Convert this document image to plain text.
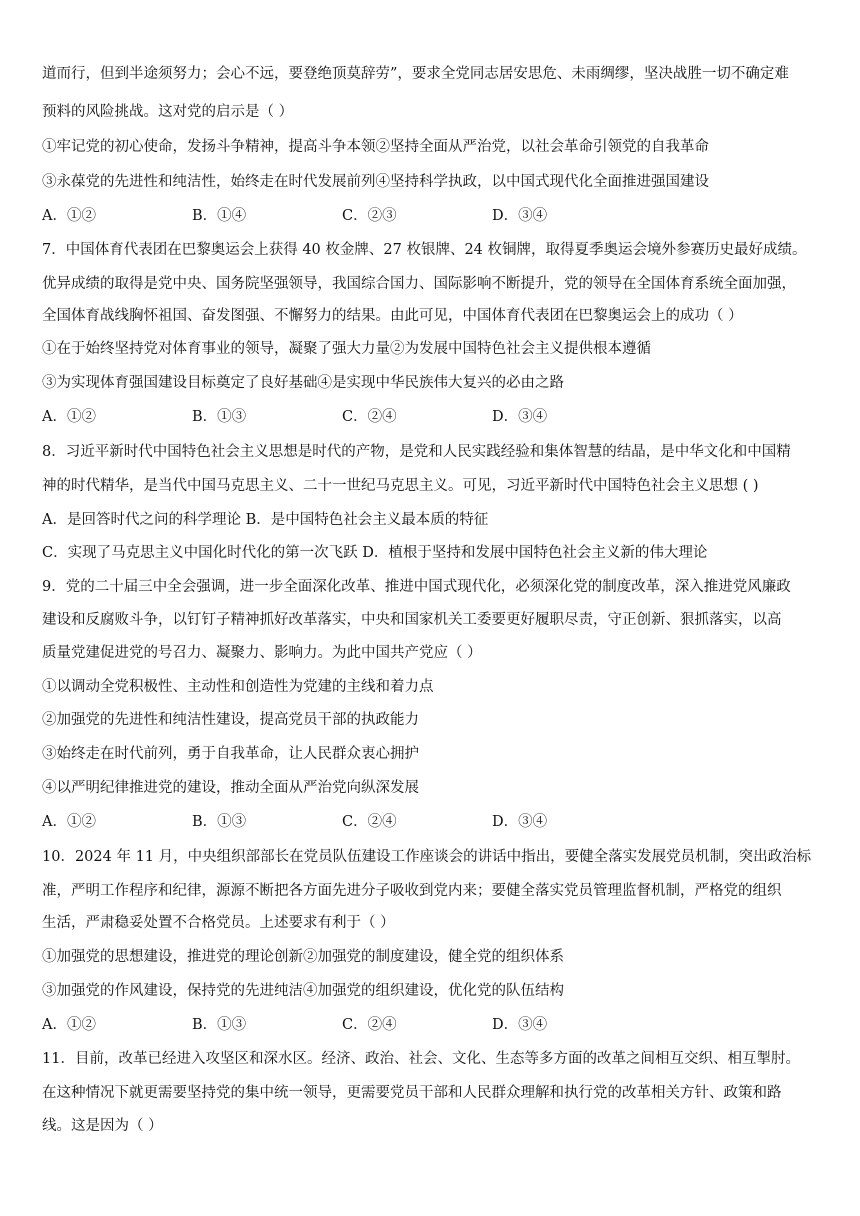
道而行，但到半途须努力；会心不远，要登绝顶莫辞劳”，要求全党同志居安思危、未雨绸缪，坚决战胜一切不确定难
预料的风险挑战。这对党的启示是（ ）
①牢记党的初心使命，发扬斗争精神，提高斗争本领②坚持全面从严治党，以社会革命引领党的自我革命
③永葆党的先进性和纯洁性，始终走在时代发展前列④坚持科学执政，以中国式现代化全面推进强国建设
A．①②	B．①④	C．②③	D．③④
7．中国体育代表团在巴黎奥运会上获得 40 枚金牌、27 枚银牌、24 枚铜牌，取得夏季奥运会境外参赛历史最好成绩。
优异成绩的取得是党中央、国务院坚强领导，我国综合国力、国际影响不断提升，党的领导在全国体育系统全面加强，
全国体育战线胸怀祖国、奋发图强、不懈努力的结果。由此可见，中国体育代表团在巴黎奥运会上的成功（ ）
①在于始终坚持党对体育事业的领导，凝聚了强大力量②为发展中国特色社会主义提供根本遵循
③为实现体育强国建设目标奠定了良好基础④是实现中华民族伟大复兴的必由之路
A．①②	B．①③	C．②④	D．③④
8．习近平新时代中国特色社会主义思想是时代的产物，是党和人民实践经验和集体智慧的结晶，是中华文化和中国精
神的时代精华，是当代中国马克思主义、二十一世纪马克思主义。可见，习近平新时代中国特色社会主义思想 ( )
A．是回答时代之问的科学理论 B．是中国特色社会主义最本质的特征
C．实现了马克思主义中国化时代化的第一次飞跃 D．植根于坚持和发展中国特色社会主义新的伟大理论
9．党的二十届三中全会强调，进一步全面深化改革、推进中国式现代化，必须深化党的制度改革，深入推进党风廉政
建设和反腐败斗争，以钉钉子精神抓好改革落实，中央和国家机关工委要更好履职尽责，守正创新、狠抓落实，以高
质量党建促进党的号召力、凝聚力、影响力。为此中国共产党应（ ）
①以调动全党积极性、主动性和创造性为党建的主线和着力点
②加强党的先进性和纯洁性建设，提高党员干部的执政能力
③始终走在时代前列，勇于自我革命，让人民群众衷心拥护
④以严明纪律推进党的建设，推动全面从严治党向纵深发展
A．①②	B．①③	C．②④	D．③④
10．2024 年 11 月，中央组织部部长在党员队伍建设工作座谈会的讲话中指出，要健全落实发展党员机制，突出政治标
准，严明工作程序和纪律，源源不断把各方面先进分子吸收到党内来；要健全落实党员管理监督机制，严格党的组织
生活，严肃稳妥处置不合格党员。上述要求有利于（ ）
①加强党的思想建设，推进党的理论创新②加强党的制度建设，健全党的组织体系
③加强党的作风建设，保持党的先进纯洁④加强党的组织建设，优化党的队伍结构
A．①②	B．①③	C．②④	D．③④
11．目前，改革已经进入攻坚区和深水区。经济、政治、社会、文化、生态等多方面的改革之间相互交织、相互掣肘。
在这种情况下就更需要坚持党的集中统一领导，更需要党员干部和人民群众理解和执行党的改革相关方针、政策和路
线。这是因为（ ）
